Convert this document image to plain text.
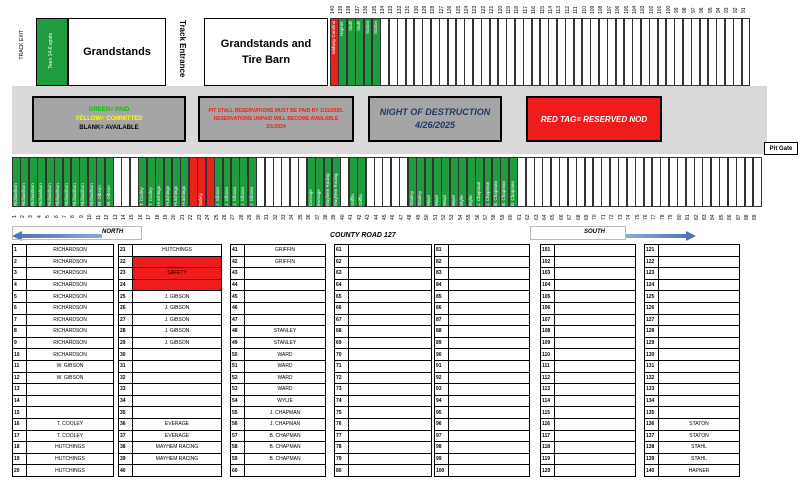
TRACK EXIT	Teen 14-6 spots	Grandstands	Track Entrance	Grandstands and Tire Barn
140
Midway Carolina
139
Hapner
138
Stahl
137
Stahl
136
Staton
135
Staton
134 133 132 131 130 129 128 127 126 125 124 123 122 121 120 119 118 117 116 115 114 113 112 111 110 109 108 107 106 105 104 103 102 101 100 99 98 97 96 95 94 93 92 91
GREEN= PAID
YELLOW= COMMITTED
BLANK= AVAILABLE
PIT STALL RESERVATIONS MUST BE PAID BY 1/31/2025. RESERVATIONS UNPAID WILL BECOME AVAILABLE 2/1/2024
NIGHT OF DESTRUCTION
4/26/2025
RED TAG= RESERVED NOD
Pit Gate
Richardson
1
Richardson
2
Richardson
3
Richardson
4
Richardson
5
Richardson
6
Richardson
7
Richardson
8
Richardson
9
Richardson
10
W. Gibson
11
W. Gibson
12 13 14 15
T. Cooley
16
T. Cooley
17
Hutchings
18
Hutchings
19
Hutchings
20
Hutchings
21 22
Safety
23 24
J. Gibson
25
J. Gibson
26
J. Gibson
27
J. Gibson
28
J. Gibson
29 30 31 32 33 34 35
Everage
36
Everage
37
Mayhem Racing
38
Mayhem Racing
39 40
Griffin
41
Griffin
42 43 44 45 46 47
Stanley
48
Stanley
49
Ward
50
Ward
51
Ward
52
Ward
53
Wylie
54
Wylie
55
J. Chapman
56
J. Chapman
57
B. Chapman
58
B. Chapman
59
B. Chapman
60 61 62 63 64 65 66 67 68 69 70 71 72 73 74 75 76 77 78 79 80 81 82 83 84 85 86 87 88 89
NORTH	COUNTY ROAD 127	SOUTH
1	RICHARDSON
2	RICHARDSON
3	RICHARDSON
4	RICHARDSON
5	RICHARDSON
6	RICHARDSON
7	RICHARDSON
8	RICHARDSON
9	RICHARDSON
10	RICHARDSON
11	W. GIBSON
12	W. GIBSON
13	
14	
15	
16	T. COOLEY
17	T. COOLEY
18	HUTCHINGS
19	HUTCHINGS
20	HUTCHINGS
21	HUTCHINGS
22	
23	SAFETY
24	
25	J. GIBSON
26	J. GIBSON
27	J. GIBSON
28	J. GIBSON
29	J. GIBSON
30	
31	
32	
33	
34	
35	
36	EVERAGE
37	EVERAGE
38	MAYHEM RACING
39	MAYHEM RACING
40	
41	GRIFFIN
42	GRIFFIN
43	
44	
45	
46	
47	
48	STANLEY
49	STANLEY
50	WARD
51	WARD
52	WARD
53	WARD
54	WYLIE
55	J. CHAPMAN
56	J. CHAPMAN
57	B. CHAPMAN
58	B. CHAPMAN
59	B. CHAPMAN
60	
61	
62	
63	
64	
65	
66	
67	
68	
69	
70	
71	
72	
73	
74	
75	
76	
77	
78	
79	
80	
81	
82	
83	
84	
85	
86	
87	
88	
89	
90	
91	
92	
93	
94	
95	
96	
97	
98	
99	
100	
101	
102	
103	
104	
105	
106	
107	
108	
109	
110	
111	
112	
113	
114	
115	
116	
117	
118	
119	
120	
121	
122	
123	
124	
125	
126	
127	
128	
129	
130	
131	
132	
133	
134	
135	
136	STATON
137	STATON
138	STAHL
139	STAHL
140	HAPNER
